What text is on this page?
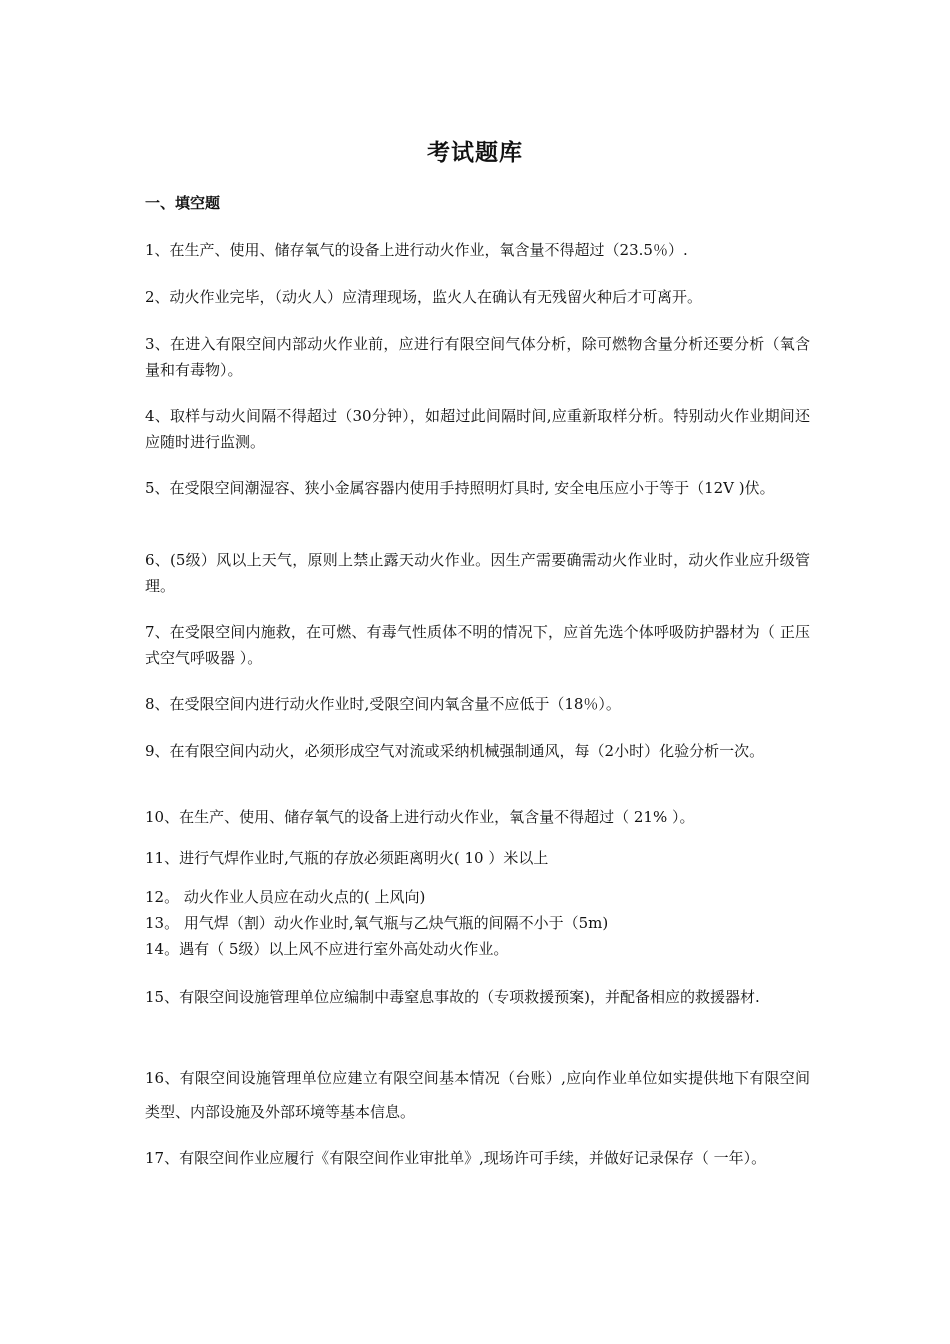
考试题库
一、填空题
1、在生产、使用、储存氧气的设备上进行动火作业，氧含量不得超过（23.5％）.
2、动火作业完毕，（动火人）应清理现场，监火人在确认有无残留火种后才可离开。
3、在进入有限空间内部动火作业前，应进行有限空间气体分析，除可燃物含量分析还要分析（氧含量和有毒物）。
4、取样与动火间隔不得超过（30分钟），如超过此间隔时间,应重新取样分析。特别动火作业期间还应随时进行监测。
5、在受限空间潮湿容、狭小金属容器内使用手持照明灯具时, 安全电压应小于等于（12V )伏。
6、(5级）风以上天气，原则上禁止露天动火作业。因生产需要确需动火作业时，动火作业应升级管理。
7、在受限空间内施救，在可燃、有毒气性质体不明的情况下，应首先选个体呼吸防护器材为（ 正压式空气呼吸器 ）。
8、在受限空间内进行动火作业时,受限空间内氧含量不应低于（18％）。
9、在有限空间内动火，必须形成空气对流或采纳机械强制通风，每（2小时）化验分析一次。
10、在生产、使用、储存氧气的设备上进行动火作业，氧含量不得超过（ 21% ）。
11、进行气焊作业时,气瓶的存放必须距离明火( 10 ）米以上
12。 动火作业人员应在动火点的( 上风向)
13。 用气焊（割）动火作业时,氧气瓶与乙炔气瓶的间隔不小于（5m)
14。遇有（ 5级）以上风不应进行室外高处动火作业。
15、有限空间设施管理单位应编制中毒窒息事故的（专项救援预案)，并配备相应的救援器材.
16、有限空间设施管理单位应建立有限空间基本情况（台账）,应向作业单位如实提供地下有限空间类型、内部设施及外部环境等基本信息。
17、有限空间作业应履行《有限空间作业审批单》,现场许可手续，并做好记录保存（ 一年）。
